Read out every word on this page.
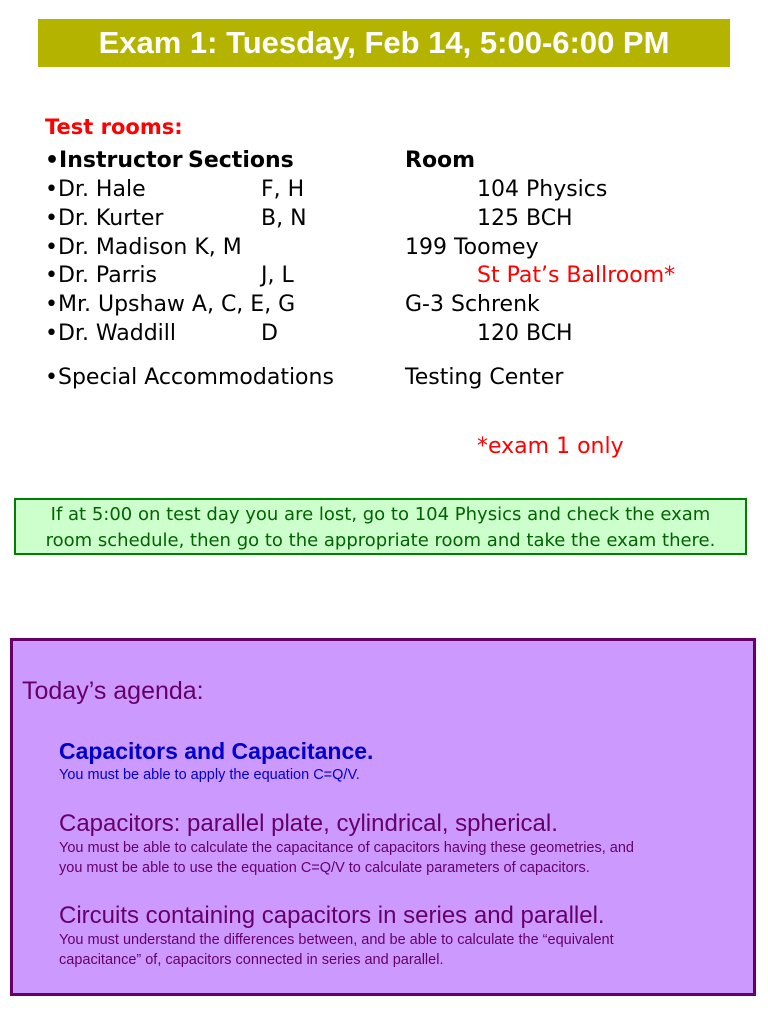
Exam 1: Tuesday, Feb 14, 5:00-6:00 PM
Test rooms:
•Instructor Sections	Room
•Dr. Hale	F, H	104 Physics
•Dr. Kurter	B, N	125 BCH
•Dr. Madison K, M	199 Toomey
•Dr. Parris	J, L	St Pat’s Ballroom*
•Mr. Upshaw A, C, E, G	G-3 Schrenk
•Dr. Waddill	D	120 BCH
•Special Accommodations	Testing Center
*exam 1 only
If at 5:00 on test day you are lost, go to 104 Physics and check the exam
room schedule, then go to the appropriate room and take the exam there.
Today’s agenda:
Capacitors and Capacitance.
You must be able to apply the equation C=Q/V.
Capacitors: parallel plate, cylindrical, spherical.
You must be able to calculate the capacitance of capacitors having these geometries, and
you must be able to use the equation C=Q/V to calculate parameters of capacitors.
Circuits containing capacitors in series and parallel.
You must understand the differences between, and be able to calculate the “equivalent
capacitance” of, capacitors connected in series and parallel.
